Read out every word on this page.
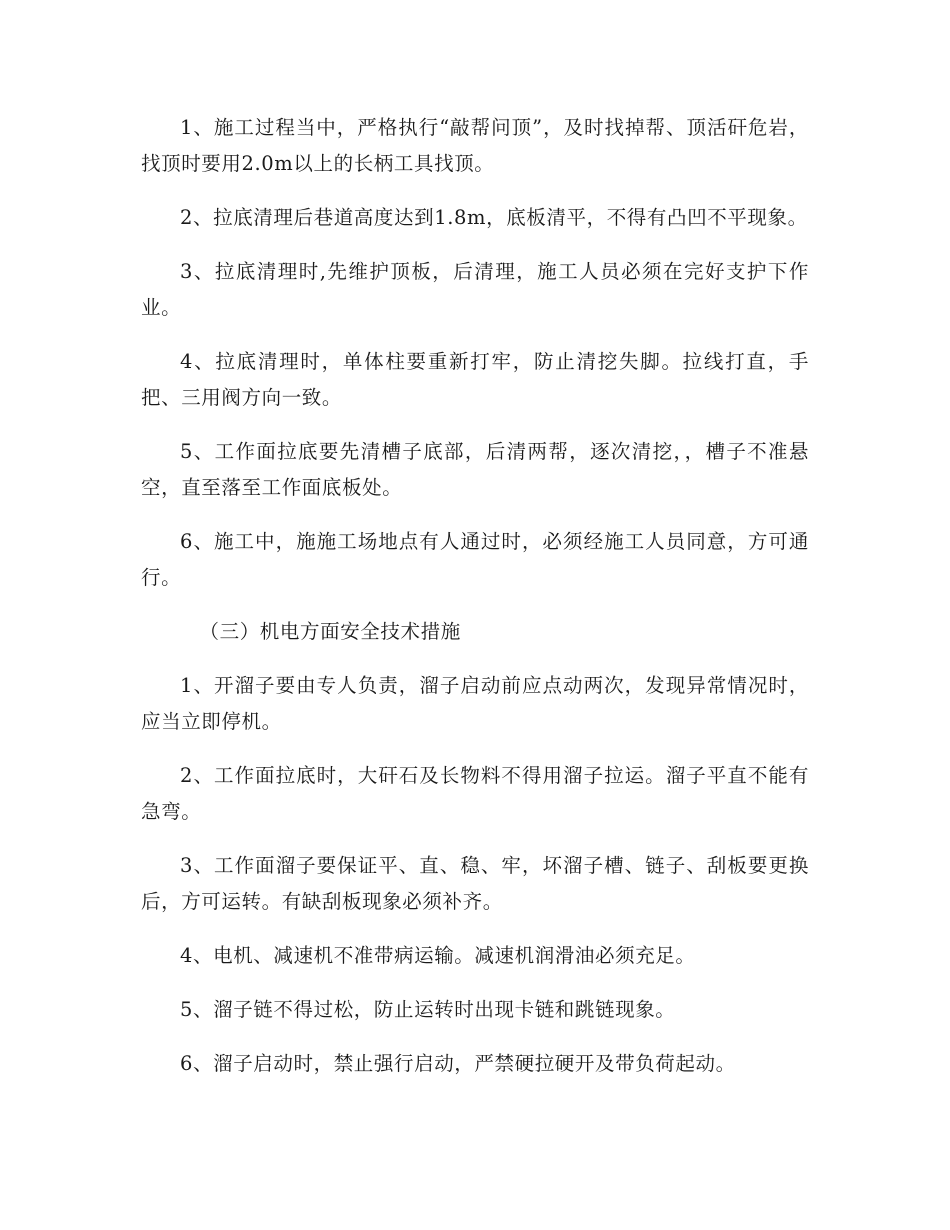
1、施工过程当中，严格执行“敲帮问顶”，及时找掉帮、顶活矸危岩，找顶时要用2.0m以上的长柄工具找顶。

2、拉底清理后巷道高度达到1.8m，底板清平，不得有凸凹不平现象。

3、拉底清理时,先维护顶板，后清理，施工人员必须在完好支护下作业。

4、拉底清理时，单体柱要重新打牢，防止清挖失脚。拉线打直，手把、三用阀方向一致。

5、工作面拉底要先清槽子底部，后清两帮，逐次清挖，，槽子不准悬空，直至落至工作面底板处。

6、施工中，施施工场地点有人通过时，必须经施工人员同意，方可通行。

（三）机电方面安全技术措施

1、开溜子要由专人负责，溜子启动前应点动两次，发现异常情况时，应当立即停机。

2、工作面拉底时，大矸石及长物料不得用溜子拉运。溜子平直不能有急弯。

3、工作面溜子要保证平、直、稳、牢，坏溜子槽、链子、刮板要更换后，方可运转。有缺刮板现象必须补齐。

4、电机、减速机不准带病运输。减速机润滑油必须充足。

5、溜子链不得过松，防止运转时出现卡链和跳链现象。

6、溜子启动时，禁止强行启动，严禁硬拉硬开及带负荷起动。
